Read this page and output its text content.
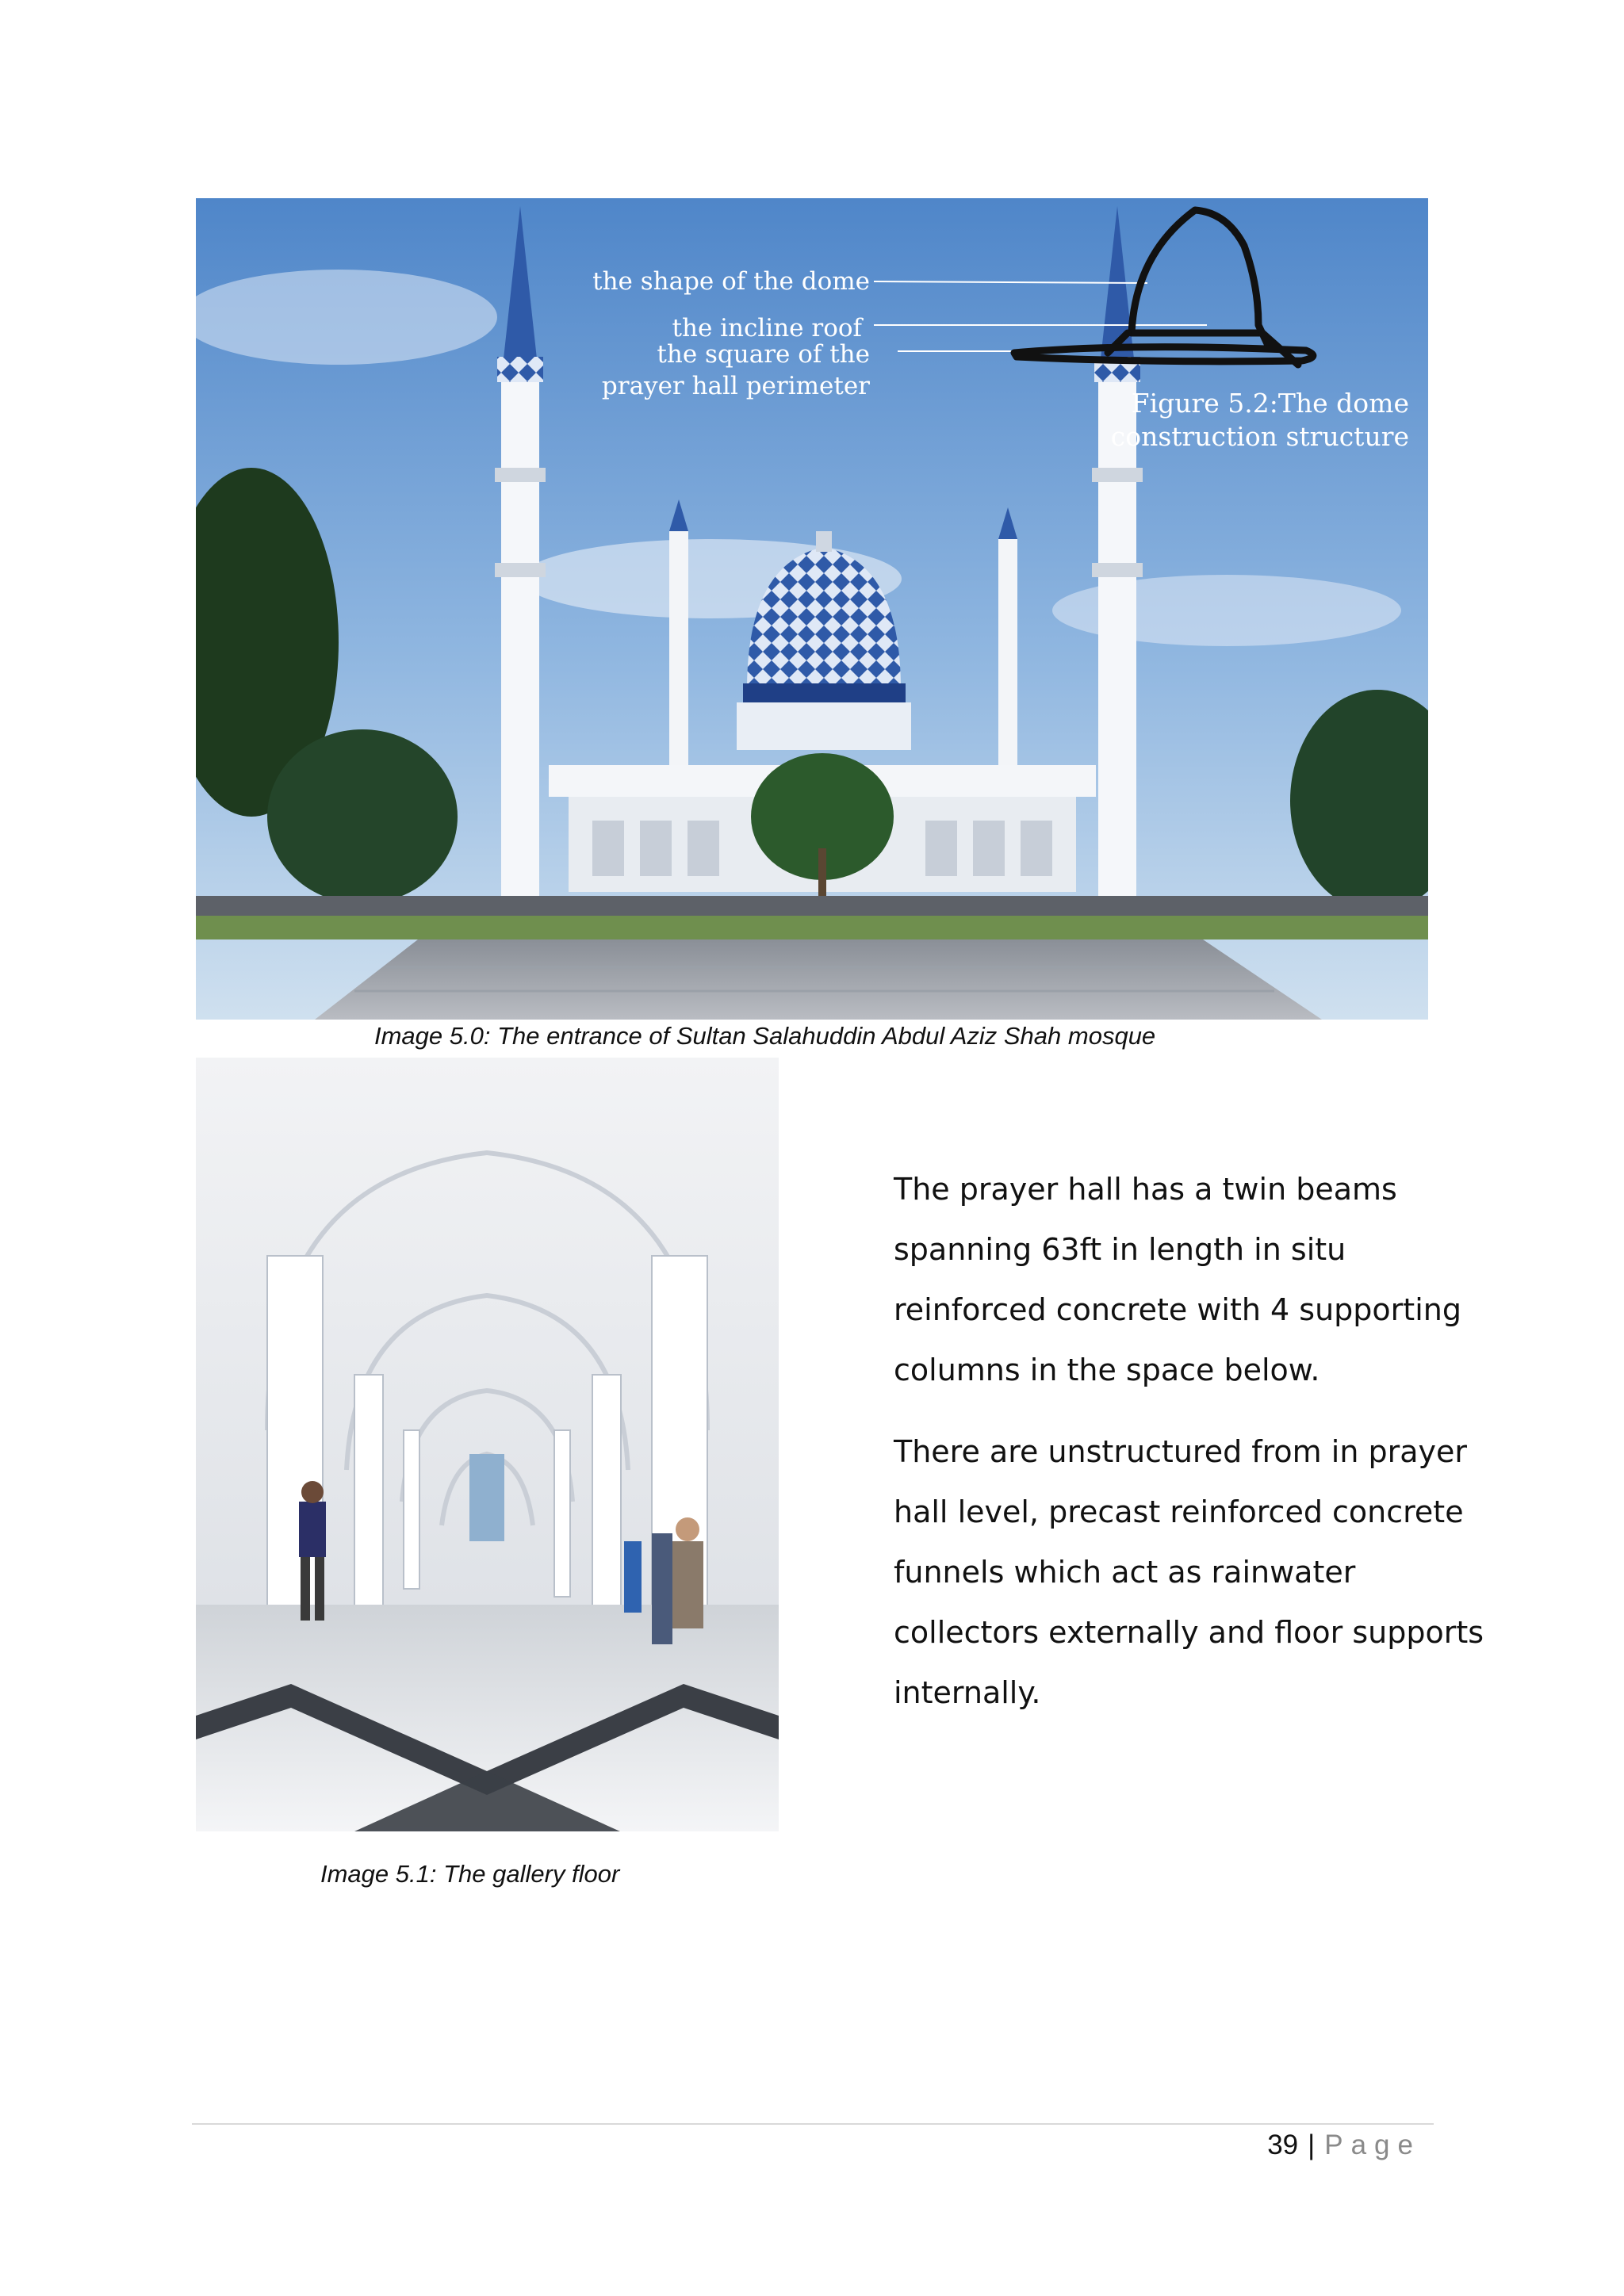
the shape of the dome
the incline roof
the square of the
prayer hall perimeter
Figure 5.2:The dome
construction structure
Image 5.0: The entrance of Sultan Salahuddin Abdul Aziz Shah mosque
Image 5.1: The gallery floor

The prayer hall has a twin beams spanning 63ft in length in situ reinforced concrete with 4 supporting columns in the space below.

There are unstructured from in prayer hall level, precast reinforced concrete funnels which act as rainwater collectors externally and floor supports internally.

39 | Page
